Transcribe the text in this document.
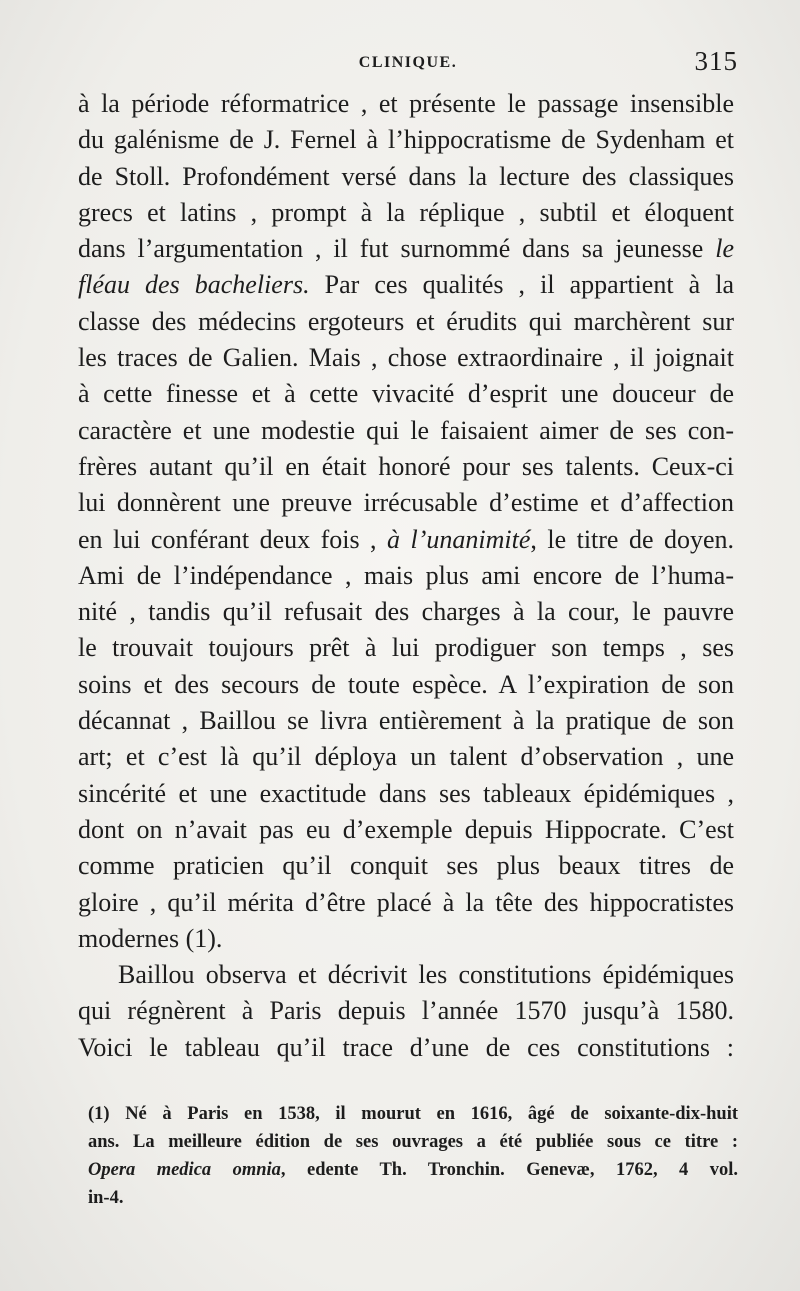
CLINIQUE.	315

à la période réformatrice , et présente le passage insensible
du galénisme de J. Fernel à l’hippocratisme de Sydenham et
de Stoll. Profondément versé dans la lecture des classiques
grecs et latins , prompt à la réplique , subtil et éloquent
dans l’argumentation , il fut surnommé dans sa jeunesse le
fléau des bacheliers. Par ces qualités , il appartient à la
classe des médecins ergoteurs et érudits qui marchèrent sur
les traces de Galien. Mais , chose extraordinaire , il joignait
à cette finesse et à cette vivacité d’esprit une douceur de
caractère et une modestie qui le faisaient aimer de ses con-
frères autant qu’il en était honoré pour ses talents. Ceux-ci
lui donnèrent une preuve irrécusable d’estime et d’affection
en lui conférant deux fois , à l’unanimité, le titre de doyen.
Ami de l’indépendance , mais plus ami encore de l’huma-
nité , tandis qu’il refusait des charges à la cour, le pauvre
le trouvait toujours prêt à lui prodiguer son temps , ses
soins et des secours de toute espèce. A l’expiration de son
décannat , Baillou se livra entièrement à la pratique de son
art; et c’est là qu’il déploya un talent d’observation , une
sincérité et une exactitude dans ses tableaux épidémiques ,
dont on n’avait pas eu d’exemple depuis Hippocrate. C’est
comme praticien qu’il conquit ses plus beaux titres de
gloire , qu’il mérita d’être placé à la tête des hippocratistes
modernes (1).

Baillou observa et décrivit les constitutions épidémiques
qui régnèrent à Paris depuis l’année 1570 jusqu’à 1580.
Voici le tableau qu’il trace d’une de ces constitutions :

(1) Né à Paris en 1538, il mourut en 1616, âgé de soixante-dix-huit
ans. La meilleure édition de ses ouvrages a été publiée sous ce titre :
Opera medica omnia, edente Th. Tronchin. Genevæ, 1762, 4 vol.
in-4.
